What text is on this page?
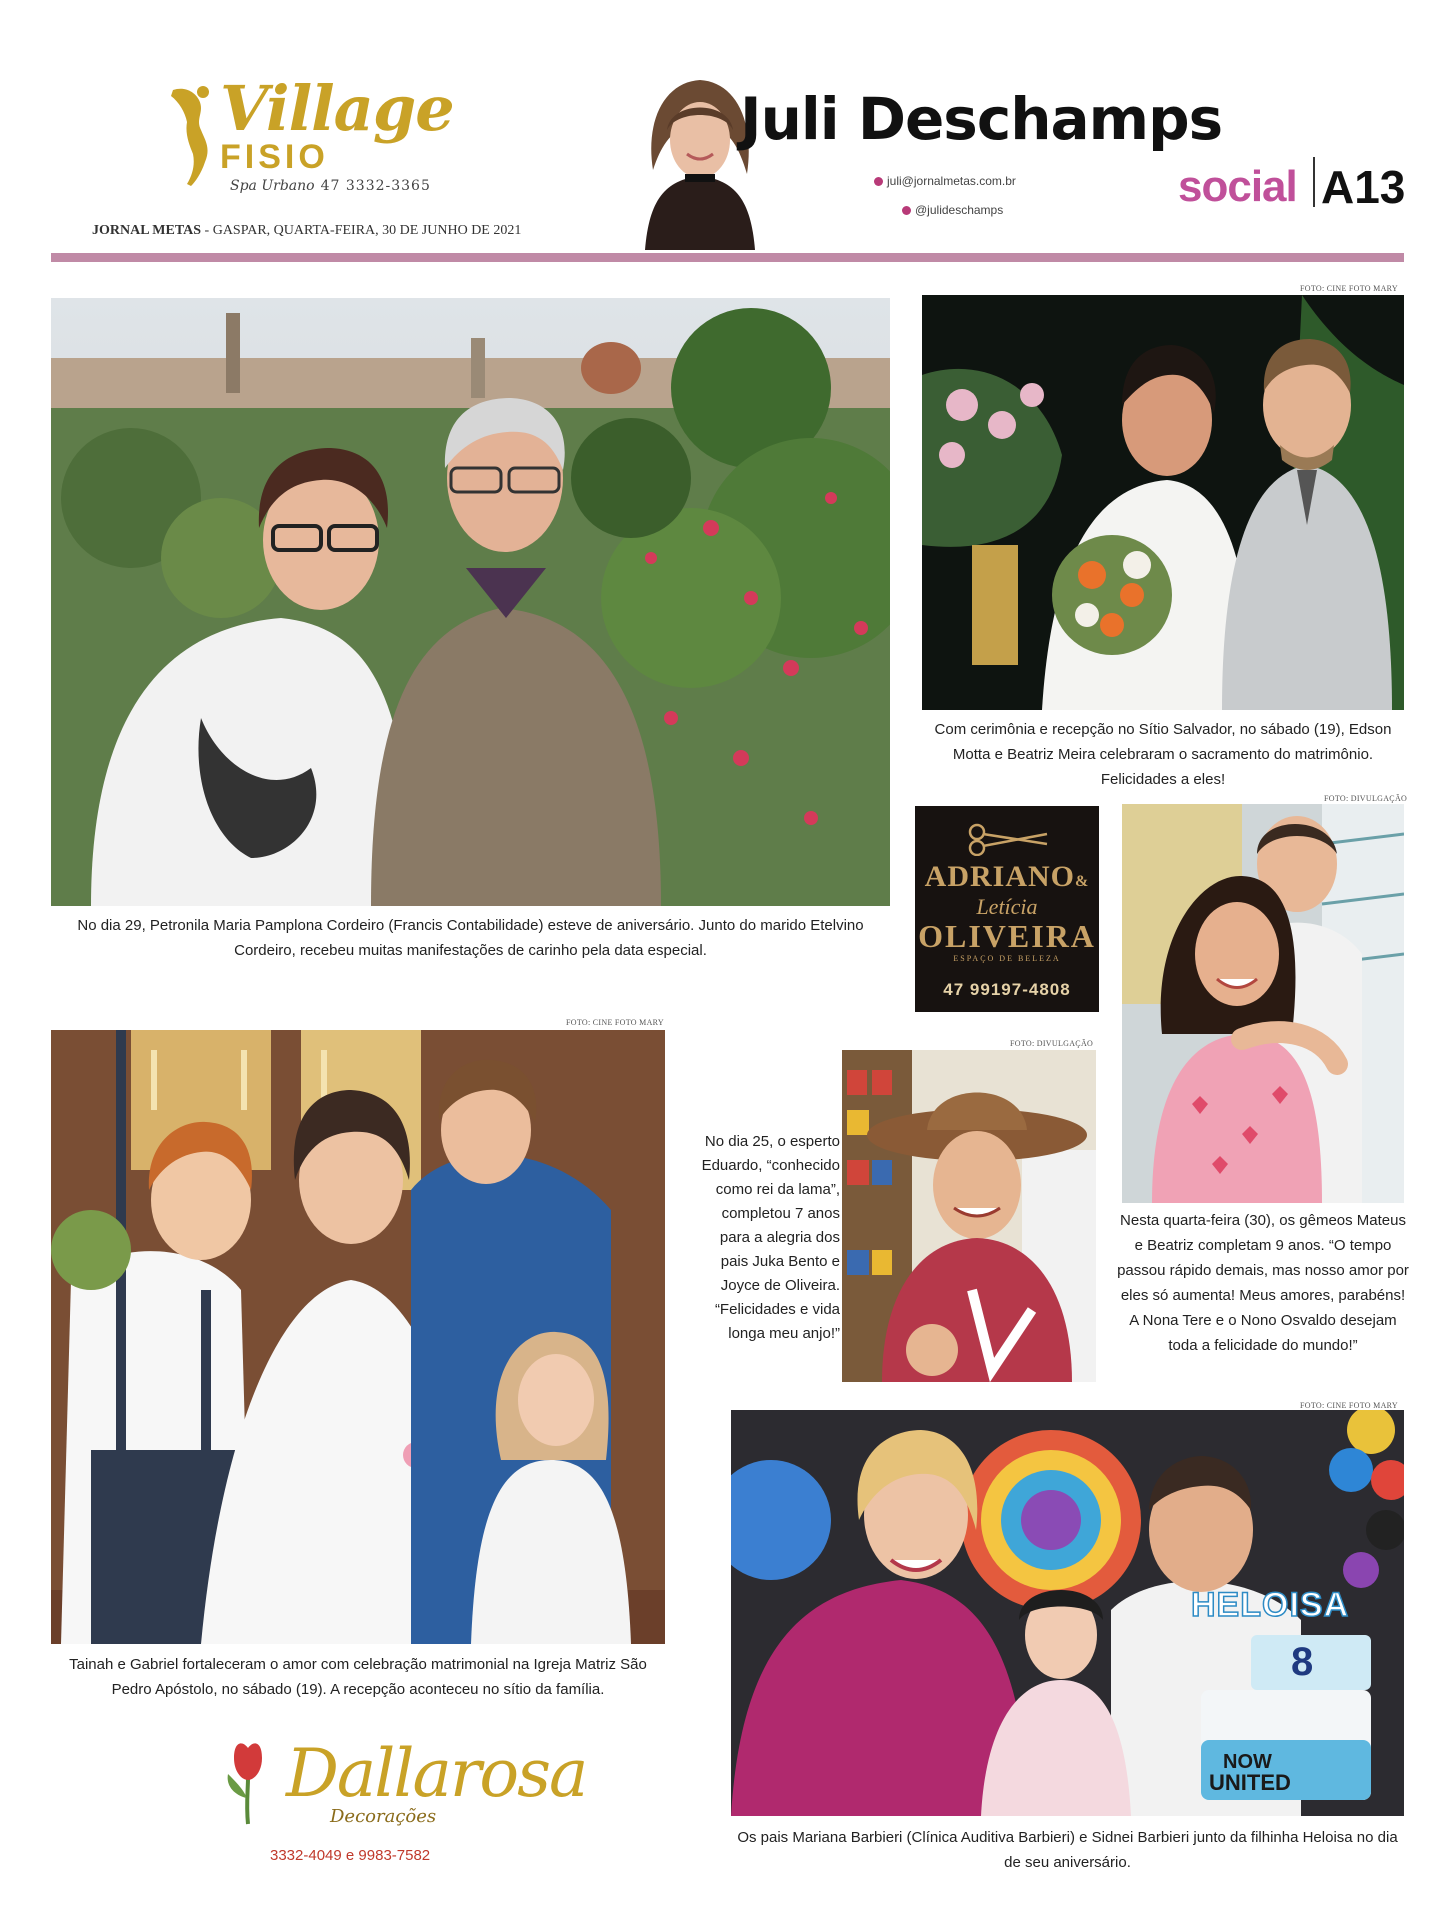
Village
FISIO
Spa Urbano 47 3332-3365
JORNAL METAS - GASPAR, QUARTA-FEIRA, 30 DE JUNHO DE 2021
Juli Deschamps
juli@jornalmetas.com.br
@julideschamps	social A13
No dia 29, Petronila Maria Pamplona Cordeiro (Francis Contabilidade) esteve de aniversário. Junto do marido Etelvino Cordeiro, recebeu muitas manifestações de carinho pela data especial.
FOTO: CINE FOTO MARY
Com cerimônia e recepção no Sítio Salvador, no sábado (19), Edson Motta e Beatriz Meira celebraram o sacramento do matrimônio. Felicidades a eles!
ADRIANO&
Letícia
OLIVEIRA
ESPAÇO DE BELEZA
47 99197-4808
FOTO: DIVULGAÇÃO
Nesta quarta-feira (30), os gêmeos Mateus e Beatriz completam 9 anos. “O tempo passou rápido demais, mas nosso amor por eles só aumenta! Meus amores, parabéns! A Nona Tere e o Nono Osvaldo desejam toda a felicidade do mundo!”
FOTO: CINE FOTO MARY
Tainah e Gabriel fortaleceram o amor com celebração matrimonial na Igreja Matriz São Pedro Apóstolo, no sábado (19). A recepção aconteceu no sítio da família.
No dia 25, o esperto Eduardo, “conhecido como rei da lama”, completou 7 anos para a alegria dos pais Juka Bento e Joyce de Oliveira. “Felicidades e vida longa meu anjo!”
FOTO: DIVULGAÇÃO
FOTO: CINE FOTO MARY
HELOISA
8
NOW
UNITED
Os pais Mariana Barbieri (Clínica Auditiva Barbieri) e Sidnei Barbieri junto da filhinha Heloisa no dia de seu aniversário.
Dallarosa
Decorações
3332-4049 e 9983-7582
